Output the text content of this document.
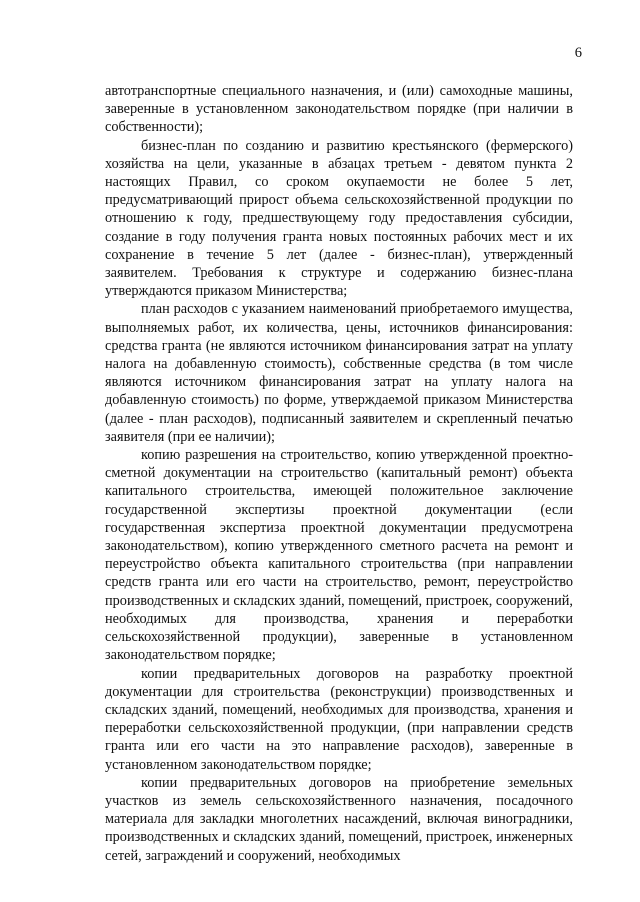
6

автотранспортные специального назначения, и (или) самоходные машины, заверенные в установленном законодательством порядке (при наличии в собственности);

бизнес-план по созданию и развитию крестьянского (фермерского) хозяйства на цели, указанные в абзацах третьем - девятом пункта 2 настоящих Правил, со сроком окупаемости не более 5 лет, предусматривающий прирост объема сельскохозяйственной продукции по отношению к году, предшествующему году предоставления субсидии, создание в году получения гранта новых постоянных рабочих мест и их сохранение в течение 5 лет (далее - бизнес-план), утвержденный заявителем. Требования к структуре и содержанию бизнес-плана утверждаются приказом Министерства;

план расходов с указанием наименований приобретаемого имущества, выполняемых работ, их количества, цены, источников финансирования: средства гранта (не являются источником финансирования затрат на уплату налога на добавленную стоимость), собственные средства (в том числе являются источником финансирования затрат на уплату налога на добавленную стоимость) по форме, утверждаемой приказом Министерства (далее - план расходов), подписанный заявителем и скрепленный печатью заявителя (при ее наличии);

копию разрешения на строительство, копию утвержденной проектно-сметной документации на строительство (капитальный ремонт) объекта капитального строительства, имеющей положительное заключение государственной экспертизы проектной документации (если государственная экспертиза проектной документации предусмотрена законодательством), копию утвержденного сметного расчета на ремонт и переустройство объекта капитального строительства (при направлении средств гранта или его части на строительство, ремонт, переустройство производственных и складских зданий, помещений, пристроек, сооружений, необходимых для производства, хранения и переработки сельскохозяйственной продукции), заверенные в установленном законодательством порядке;

копии предварительных договоров на разработку проектной документации для строительства (реконструкции) производственных и складских зданий, помещений, необходимых для производства, хранения и переработки сельскохозяйственной продукции, (при направлении средств гранта или его части на это направление расходов), заверенные в установленном законодательством порядке;

копии предварительных договоров на приобретение земельных участков из земель сельскохозяйственного назначения, посадочного материала для закладки многолетних насаждений, включая виноградники, производственных и складских зданий, помещений, пристроек, инженерных сетей, заграждений и сооружений, необходимых
